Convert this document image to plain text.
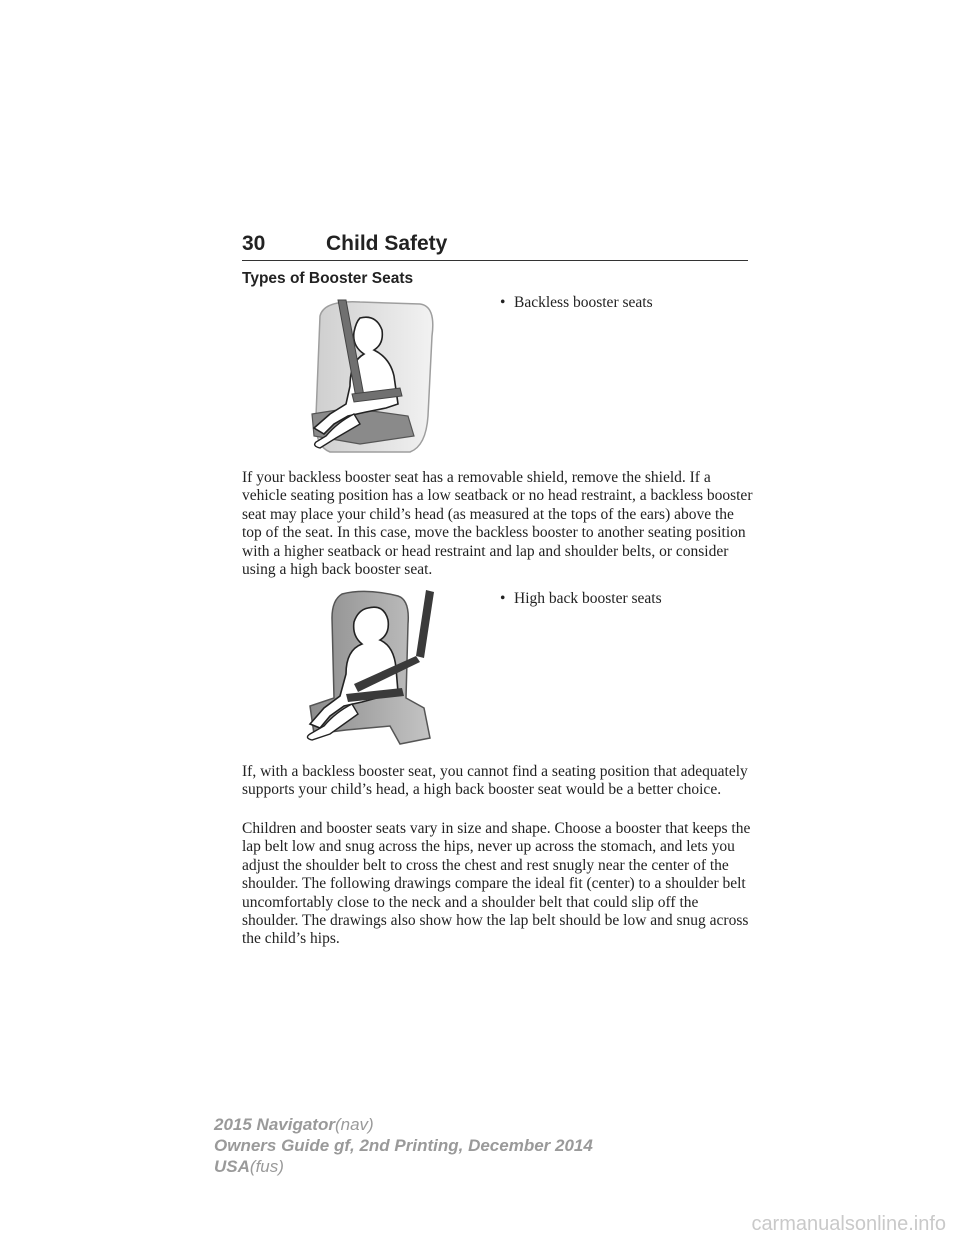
30	Child Safety
Types of Booster Seats
• Backless booster seats
If your backless booster seat has a removable shield, remove the shield. If a vehicle seating position has a low seatback or no head restraint, a backless booster seat may place your child’s head (as measured at the tops of the ears) above the top of the seat. In this case, move the backless booster to another seating position with a higher seatback or head restraint and lap and shoulder belts, or consider using a high back booster seat.
• High back booster seats
If, with a backless booster seat, you cannot find a seating position that adequately supports your child’s head, a high back booster seat would be a better choice.
Children and booster seats vary in size and shape. Choose a booster that keeps the lap belt low and snug across the hips, never up across the stomach, and lets you adjust the shoulder belt to cross the chest and rest snugly near the center of the shoulder. The following drawings compare the ideal fit (center) to a shoulder belt uncomfortably close to the neck and a shoulder belt that could slip off the shoulder. The drawings also show how the lap belt should be low and snug across the child’s hips.
2015 Navigator(nav)
Owners Guide gf, 2nd Printing, December 2014
USA(fus)
carmanualsonline.info
